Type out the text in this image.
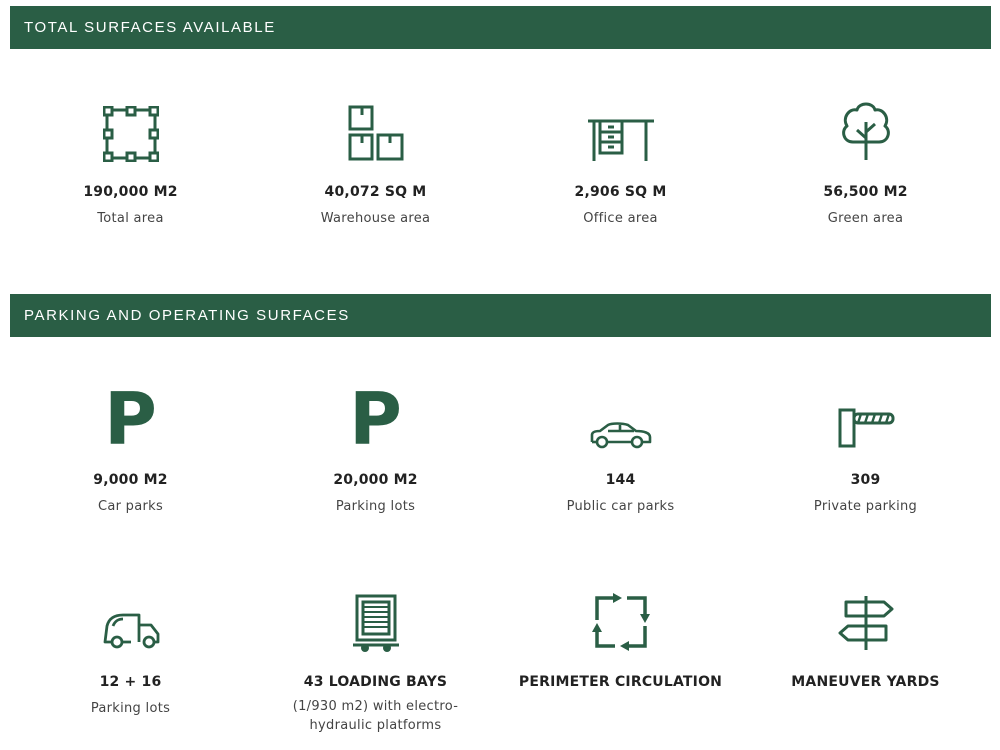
TOTAL SURFACES AVAILABLE
190,000 M2
Total area
40,072 SQ M
Warehouse area
2,906 SQ M
Office area
56,500 M2
Green area
PARKING AND OPERATING SURFACES
P
9,000 M2
Car parks
P
20,000 M2
Parking lots
144
Public car parks
309
Private parking
12 + 16
Parking lots
43 LOADING BAYS
(1/930 m2) with electro-hydraulic platforms
PERIMETER CIRCULATION	MANEUVER YARDS
